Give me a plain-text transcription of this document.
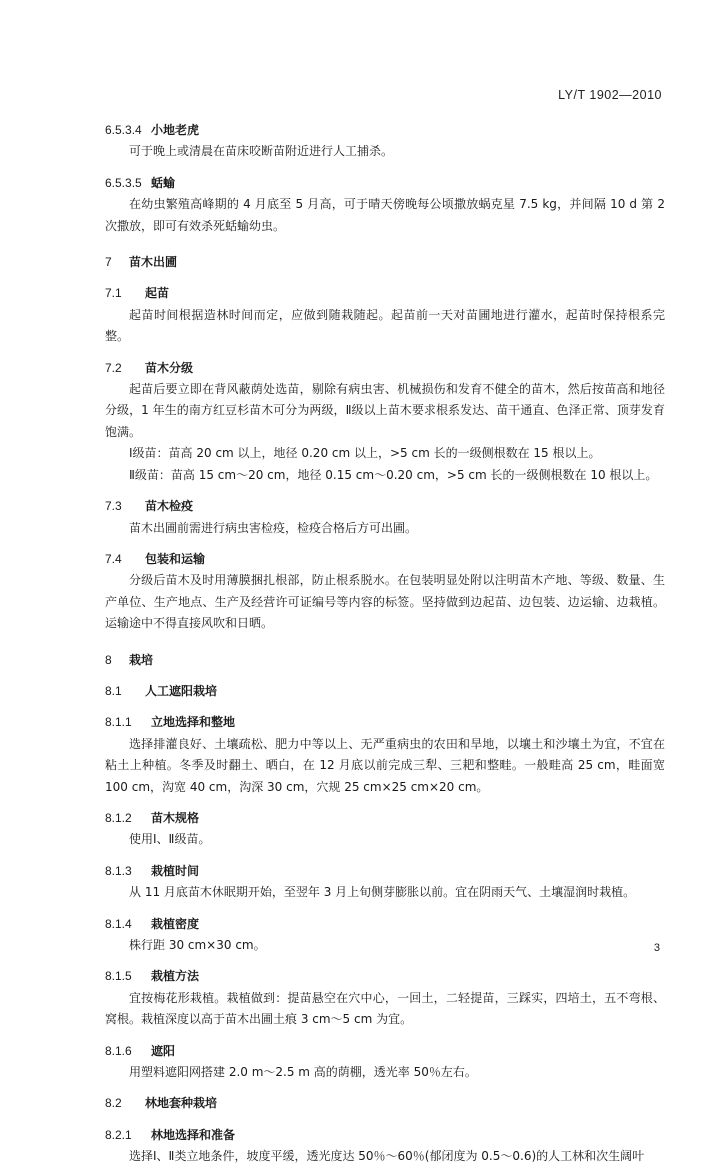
LY/T 1902—2010
6.5.3.4 小地老虎
可于晚上或清晨在苗床咬断苗附近进行人工捕杀。
6.5.3.5 蛞蝓
在幼虫繁殖高峰期的 4 月底至 5 月高，可于晴天傍晚每公顷撒放蜗克星 7.5 kg，并间隔 10 d 第 2 次撒放，即可有效杀死蛞蝓幼虫。
7 苗木出圃
7.1 起苗
起苗时间根据造林时间而定，应做到随栽随起。起苗前一天对苗圃地进行灌水，起苗时保持根系完整。
7.2 苗木分级
起苗后要立即在背风蔽荫处选苗，剔除有病虫害、机械损伤和发育不健全的苗木，然后按苗高和地径分级，1 年生的南方红豆杉苗木可分为两级，Ⅱ级以上苗木要求根系发达、苗干通直、色泽正常、顶芽发育饱满。
Ⅰ级苗：苗高 20 cm 以上，地径 0.20 cm 以上，>5 cm 长的一级侧根数在 15 根以上。
Ⅱ级苗：苗高 15 cm～20 cm，地径 0.15 cm～0.20 cm，>5 cm 长的一级侧根数在 10 根以上。
7.3 苗木检疫
苗木出圃前需进行病虫害检疫，检疫合格后方可出圃。
7.4 包装和运输
分级后苗木及时用薄膜捆扎根部，防止根系脱水。在包装明显处附以注明苗木产地、等级、数量、生产单位、生产地点、生产及经营许可证编号等内容的标签。坚持做到边起苗、边包装、边运输、边栽植。运输途中不得直接风吹和日晒。
8 栽培
8.1 人工遮阳栽培
8.1.1 立地选择和整地
选择排灌良好、土壤疏松、肥力中等以上、无严重病虫的农田和旱地，以壤土和沙壤土为宜，不宜在粘土上种植。冬季及时翻土、晒白，在 12 月底以前完成三犁、三耙和整畦。一般畦高 25 cm，畦面宽 100 cm，沟宽 40 cm，沟深 30 cm，穴规 25 cm×25 cm×20 cm。
8.1.2 苗木规格
使用Ⅰ、Ⅱ级苗。
8.1.3 栽植时间
从 11 月底苗木休眠期开始，至翌年 3 月上旬侧芽膨胀以前。宜在阴雨天气、土壤湿润时栽植。
8.1.4 栽植密度
株行距 30 cm×30 cm。
8.1.5 栽植方法
宜按梅花形栽植。栽植做到：提苗悬空在穴中心，一回土，二轻提苗，三踩实，四培土，五不弯根、窝根。栽植深度以高于苗木出圃土痕 3 cm～5 cm 为宜。
8.1.6 遮阳
用塑料遮阳网搭建 2.0 m～2.5 m 高的荫棚，透光率 50％左右。
8.2 林地套种栽培
8.2.1 林地选择和准备
选择Ⅰ、Ⅱ类立地条件，坡度平缓，透光度达 50％～60％(郁闭度为 0.5～0.6)的人工林和次生阔叶
3
